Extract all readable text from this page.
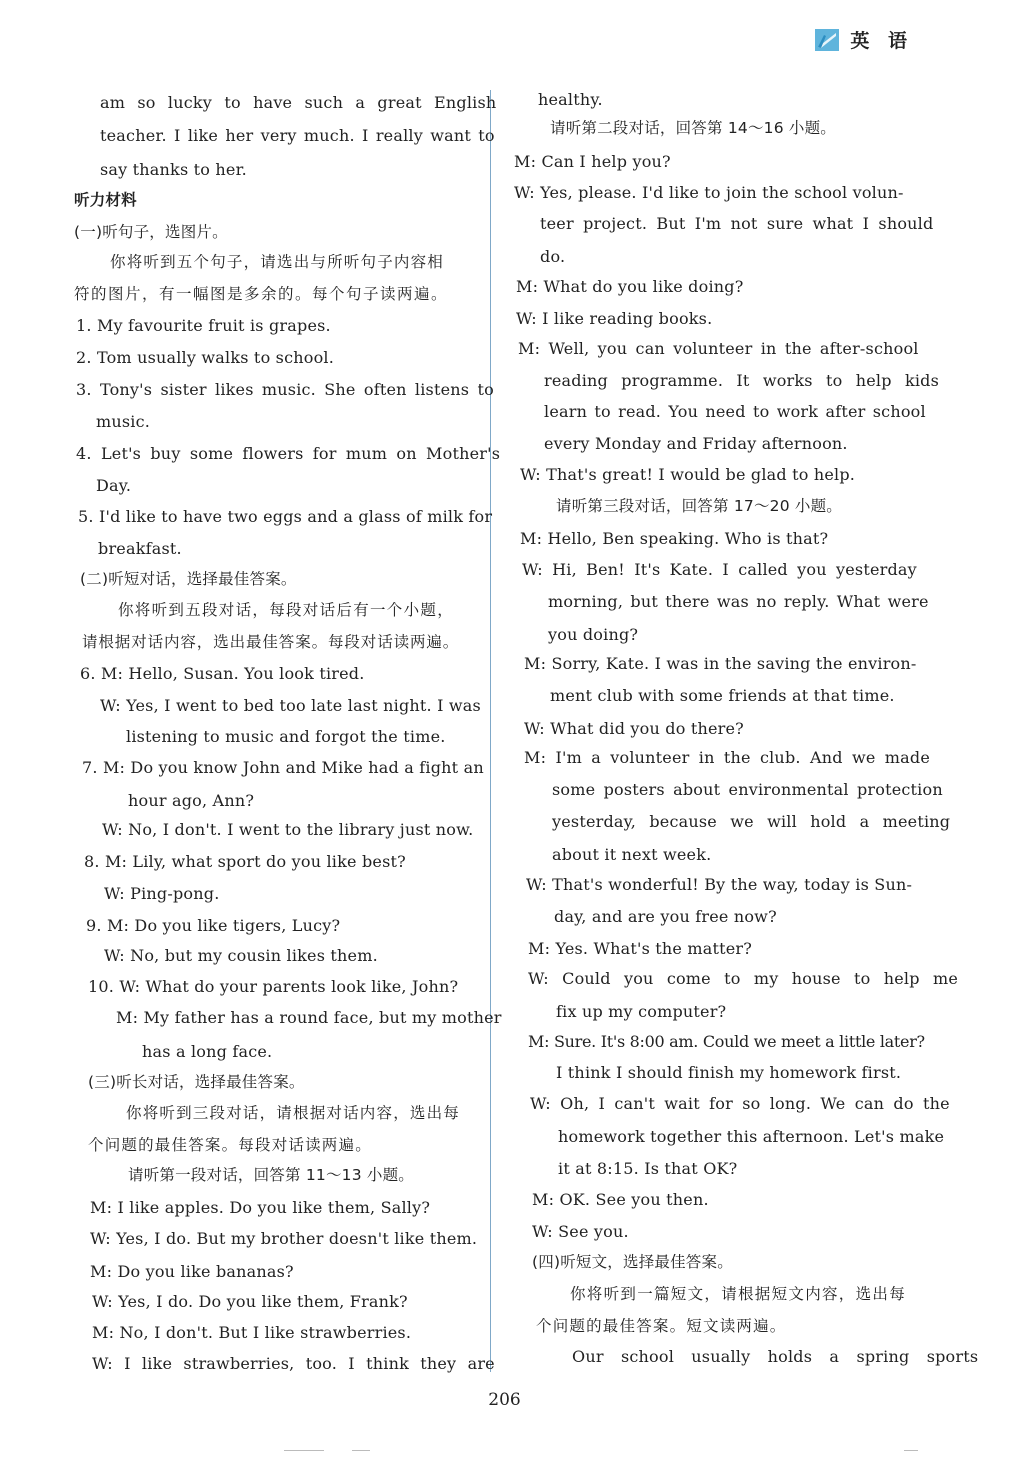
英 语
am so lucky to have such a great English
teacher. I like her very much. I really want to
say thanks to her.
听力材料
(一)听句子，选图片。
你将听到五个句子，请选出与所听句子内容相
符的图片，有一幅图是多余的。每个句子读两遍。
1. My favourite fruit is grapes.
2. Tom usually walks to school.
3. Tony's sister likes music. She often listens to
music.
4. Let's buy some flowers for mum on Mother's
Day.
5. I'd like to have two eggs and a glass of milk for
breakfast.
(二)听短对话，选择最佳答案。
你将听到五段对话，每段对话后有一个小题，
请根据对话内容，选出最佳答案。每段对话读两遍。
6. M: Hello, Susan. You look tired.
W: Yes, I went to bed too late last night. I was
listening to music and forgot the time.
7. M: Do you know John and Mike had a fight an
hour ago, Ann?
W: No, I don't. I went to the library just now.
8. M: Lily, what sport do you like best?
W: Ping-pong.
9. M: Do you like tigers, Lucy?
W: No, but my cousin likes them.
10. W: What do your parents look like, John?
M: My father has a round face, but my mother
has a long face.
(三)听长对话，选择最佳答案。
你将听到三段对话，请根据对话内容，选出每
个问题的最佳答案。每段对话读两遍。
请听第一段对话，回答第 11～13 小题。
M: I like apples. Do you like them, Sally?
W: Yes, I do. But my brother doesn't like them.
M: Do you like bananas?
W: Yes, I do. Do you like them, Frank?
M: No, I don't. But I like strawberries.
W: I like strawberries, too. I think they are
healthy.
请听第二段对话，回答第 14～16 小题。
M: Can I help you?
W: Yes, please. I'd like to join the school volun-
teer project. But I'm not sure what I should
do.
M: What do you like doing?
W: I like reading books.
M: Well, you can volunteer in the after-school
reading programme. It works to help kids
learn to read. You need to work after school
every Monday and Friday afternoon.
W: That's great! I would be glad to help.
请听第三段对话，回答第 17～20 小题。
M: Hello, Ben speaking. Who is that?
W: Hi, Ben! It's Kate. I called you yesterday
morning, but there was no reply. What were
you doing?
M: Sorry, Kate. I was in the saving the environ-
ment club with some friends at that time.
W: What did you do there?
M: I'm a volunteer in the club. And we made
some posters about environmental protection
yesterday, because we will hold a meeting
about it next week.
W: That's wonderful! By the way, today is Sun-
day, and are you free now?
M: Yes. What's the matter?
W: Could you come to my house to help me
fix up my computer?
M: Sure. It's 8:00 am. Could we meet a little later?
I think I should finish my homework first.
W: Oh, I can't wait for so long. We can do the
homework together this afternoon. Let's make
it at 8:15. Is that OK?
M: OK. See you then.
W: See you.
(四)听短文，选择最佳答案。
你将听到一篇短文，请根据短文内容，选出每
个问题的最佳答案。短文读两遍。
Our school usually holds a spring sports
206
